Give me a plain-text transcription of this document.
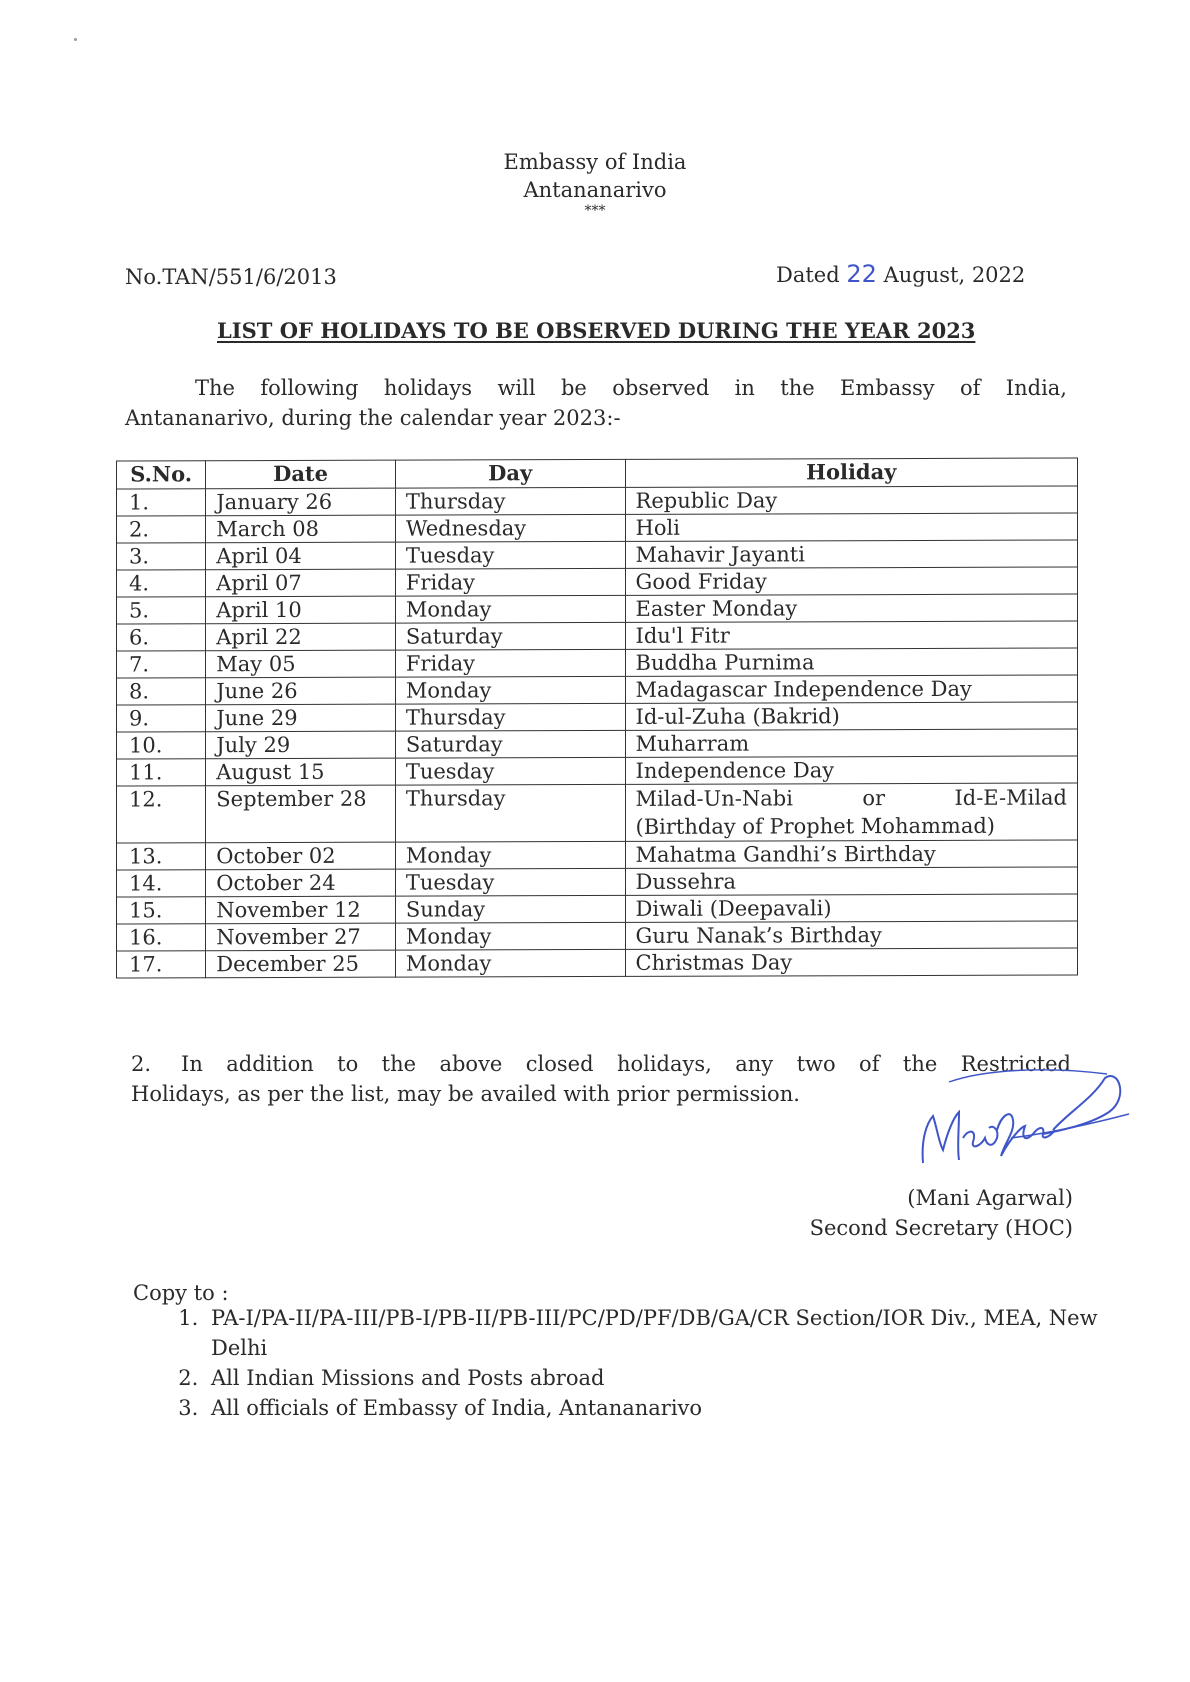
Embassy of India
Antananarivo
***
No.TAN/551/6/2013	Dated 22 August, 2022
LIST OF HOLIDAYS TO BE OBSERVED DURING THE YEAR 2023
The following holidays will be observed in the Embassy of India,
Antananarivo, during the calendar year 2023:-
S.No.	Date	Day	Holiday
1.	January 26	Thursday	Republic Day
2.	March 08	Wednesday	Holi
3.	April 04	Tuesday	Mahavir Jayanti
4.	April 07	Friday	Good Friday
5.	April 10	Monday	Easter Monday
6.	April 22	Saturday	Idu'l Fitr
7.	May 05	Friday	Buddha Purnima
8.	June 26	Monday	Madagascar Independence Day
9.	June 29	Thursday	Id-ul-Zuha (Bakrid)
10.	July 29	Saturday	Muharram
11.	August 15	Tuesday	Independence Day
12.	September 28	Thursday	Milad-Un-Nabi or Id-E-Milad
(Birthday of Prophet Mohammad)

13.	October 02	Monday	Mahatma Gandhi’s Birthday
14.	October 24	Tuesday	Dussehra
15.	November 12	Sunday	Diwali (Deepavali)
16.	November 27	Monday	Guru Nanak’s Birthday
17.	December 25	Monday	Christmas Day
2. In addition to the above closed holidays, any two of the Restricted
Holidays, as per the list, may be availed with prior permission.
(Mani Agarwal)
Second Secretary (HOC)
Copy to :
1. PA-I/PA-II/PA-III/PB-I/PB-II/PB-III/PC/PD/PF/DB/GA/CR Section/IOR Div., MEA, New Delhi
2. All Indian Missions and Posts abroad
3. All officials of Embassy of India, Antananarivo
